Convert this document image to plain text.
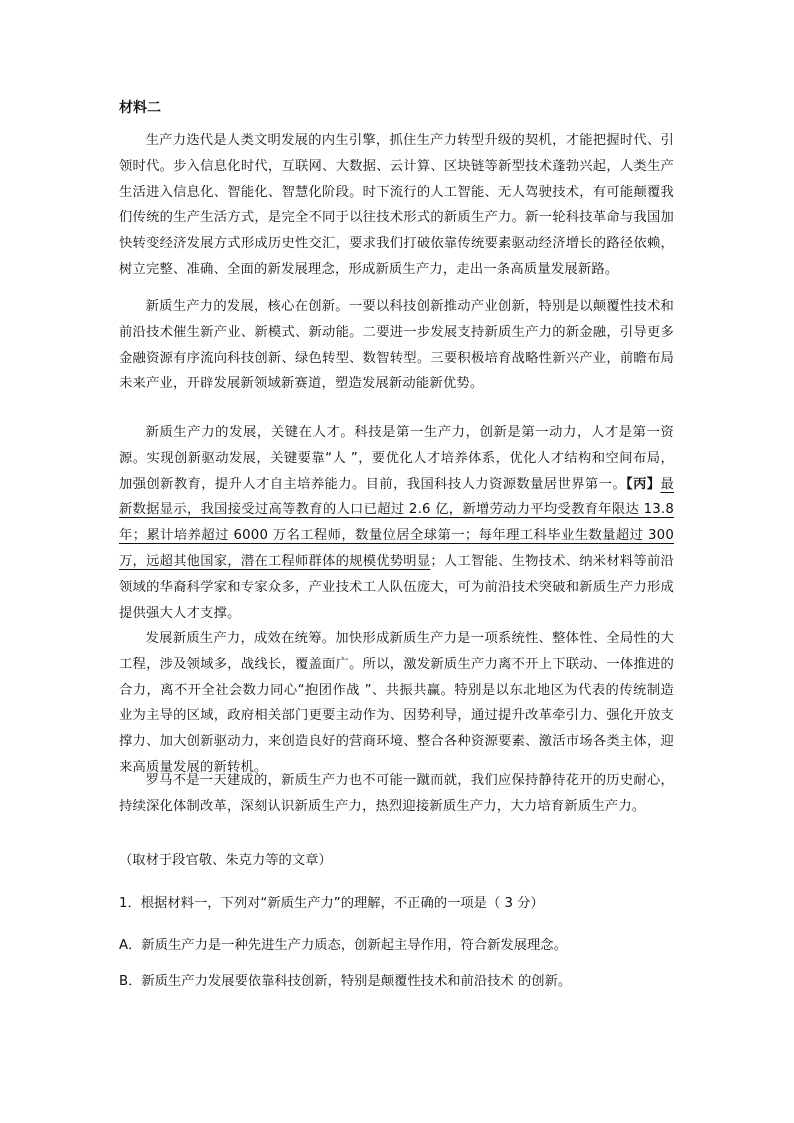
材料二

生产力迭代是人类文明发展的内生引擎，抓住生产力转型升级的契机，才能把握时代、引领时代。步入信息化时代，互联网、大数据、云计算、区块链等新型技术蓬勃兴起，人类生产生活进入信息化、智能化、智慧化阶段。时下流行的人工智能、无人驾驶技术，有可能颠覆我们传统的生产生活方式，是完全不同于以往技术形式的新质生产力。新一轮科技革命与我国加快转变经济发展方式形成历史性交汇，要求我们打破依靠传统要素驱动经济增长的路径依赖，树立完整、准确、全面的新发展理念，形成新质生产力，走出一条高质量发展新路。

新质生产力的发展，核心在创新。一要以科技创新推动产业创新，特别是以颠覆性技术和前沿技术催生新产业、新模式、新动能。二要进一步发展支持新质生产力的新金融，引导更多金融资源有序流向科技创新、绿色转型、数智转型。三要积极培育战略性新兴产业，前瞻布局未来产业，开辟发展新领域新赛道，塑造发展新动能新优势。

新质生产力的发展，关键在人才。科技是第一生产力，创新是第一动力，人才是第一资源。实现创新驱动发展，关键要靠“人 ”，要优化人才培养体系，优化人才结构和空间布局，加强创新教育，提升人才自主培养能力。目前，我国科技人力资源数量居世界第一。【丙】最新数据显示，我国接受过高等教育的人口已超过 2.6 亿，新增劳动力平均受教育年限达 13.8 年；累计培养超过 6000 万名工程师，数量位居全球第一；每年理工科毕业生数量超过 300 万，远超其他国家，潜在工程师群体的规模优势明显；人工智能、生物技术、纳米材料等前沿领域的华裔科学家和专家众多，产业技术工人队伍庞大，可为前沿技术突破和新质生产力形成提供强大人才支撑。

发展新质生产力，成效在统筹。加快形成新质生产力是一项系统性、整体性、全局性的大工程，涉及领域多，战线长，覆盖面广。所以，激发新质生产力离不开上下联动、一体推进的合力，离不开全社会数力同心“抱团作战 ”、共振共赢。特别是以东北地区为代表的传统制造业为主导的区域，政府相关部门更要主动作为、因势利导，通过提升改革牵引力、强化开放支撑力、加大创新驱动力，来创造良好的营商环境、整合各种资源要素、激活市场各类主体，迎来高质量发展的新转机。

罗马不是一天建成的，新质生产力也不可能一蹴而就，我们应保持静待花开的历史耐心，持续深化体制改革，深刻认识新质生产力，热烈迎接新质生产力，大力培育新质生产力。

（取材于段官敬、朱克力等的文章）
1．根据材料一，下列对“新质生产力”的理解，不正确的一项是（ 3 分）
A．新质生产力是一种先进生产力质态，创新起主导作用，符合新发展理念。
B．新质生产力发展要依靠科技创新，特别是颠覆性技术和前沿技术 的创新。
